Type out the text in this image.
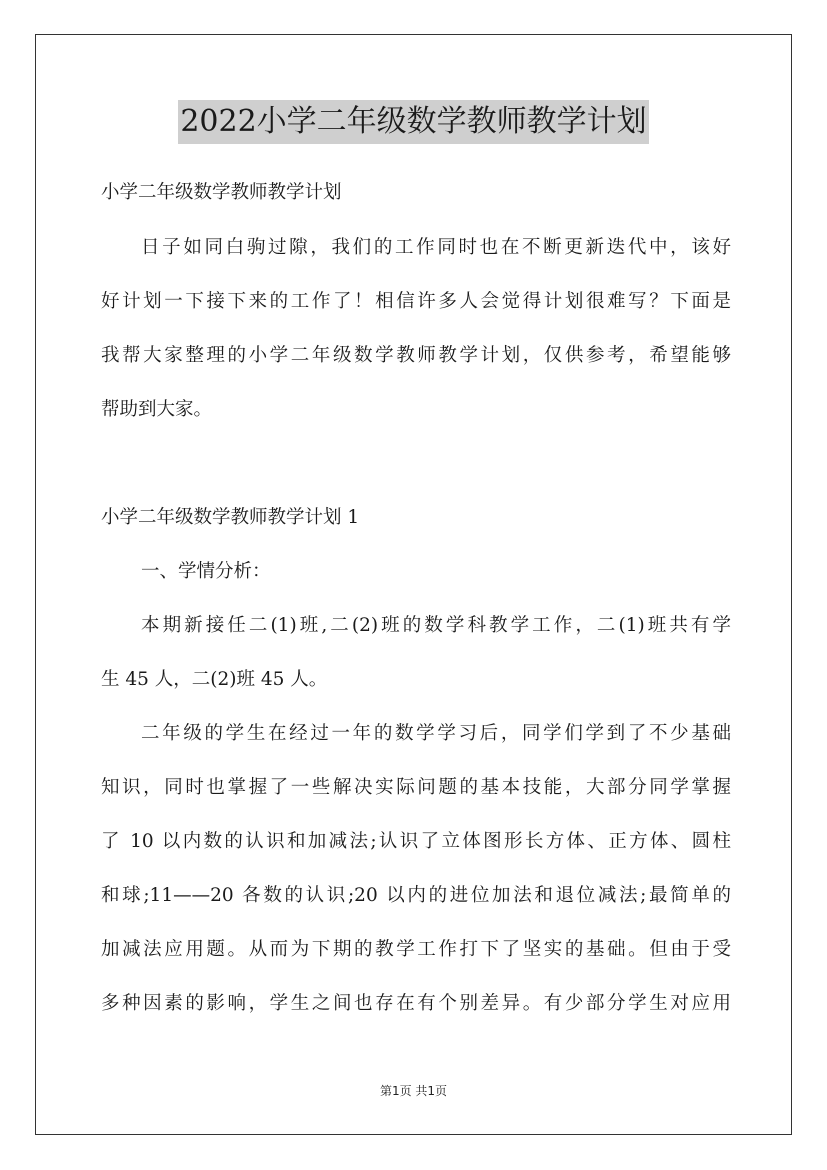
2022小学二年级数学教师教学计划
小学二年级数学教师教学计划
日子如同白驹过隙，我们的工作同时也在不断更新迭代中，该好
好计划一下接下来的工作了！相信许多人会觉得计划很难写？下面是
我帮大家整理的小学二年级数学教师教学计划，仅供参考，希望能够
帮助到大家。
小学二年级数学教师教学计划 1
一、学情分析：
本期新接任二(1)班,二(2)班的数学科教学工作，二(1)班共有学
生 45 人，二(2)班 45 人。
二年级的学生在经过一年的数学学习后，同学们学到了不少基础
知识，同时也掌握了一些解决实际问题的基本技能，大部分同学掌握
了 10 以内数的认识和加减法;认识了立体图形长方体、正方体、圆柱
和球;11——20 各数的认识;20 以内的进位加法和退位减法;最简单的
加减法应用题。从而为下期的教学工作打下了坚实的基础。但由于受
多种因素的影响，学生之间也存在有个别差异。有少部分学生对应用
第1页 共1页
